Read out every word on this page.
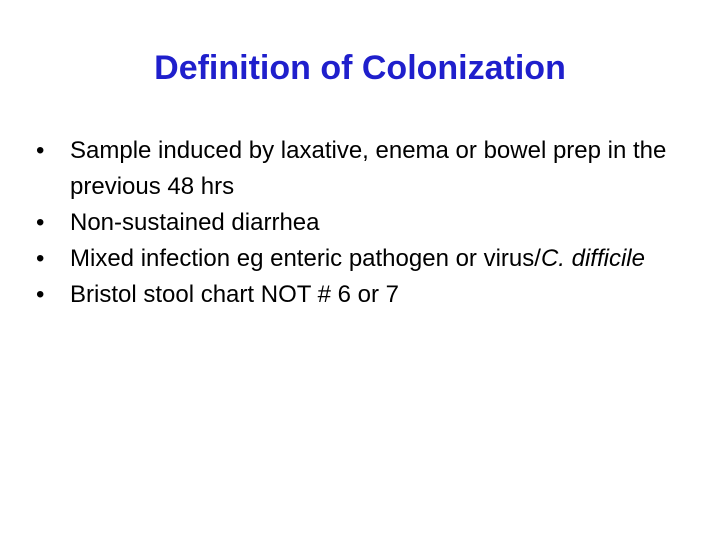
Definition of Colonization
•	Sample induced by laxative, enema or bowel prep in the previous 48 hrs
•	Non-sustained diarrhea
•	Mixed infection eg enteric pathogen or virus/C. difficile
•	Bristol stool chart NOT # 6 or 7
